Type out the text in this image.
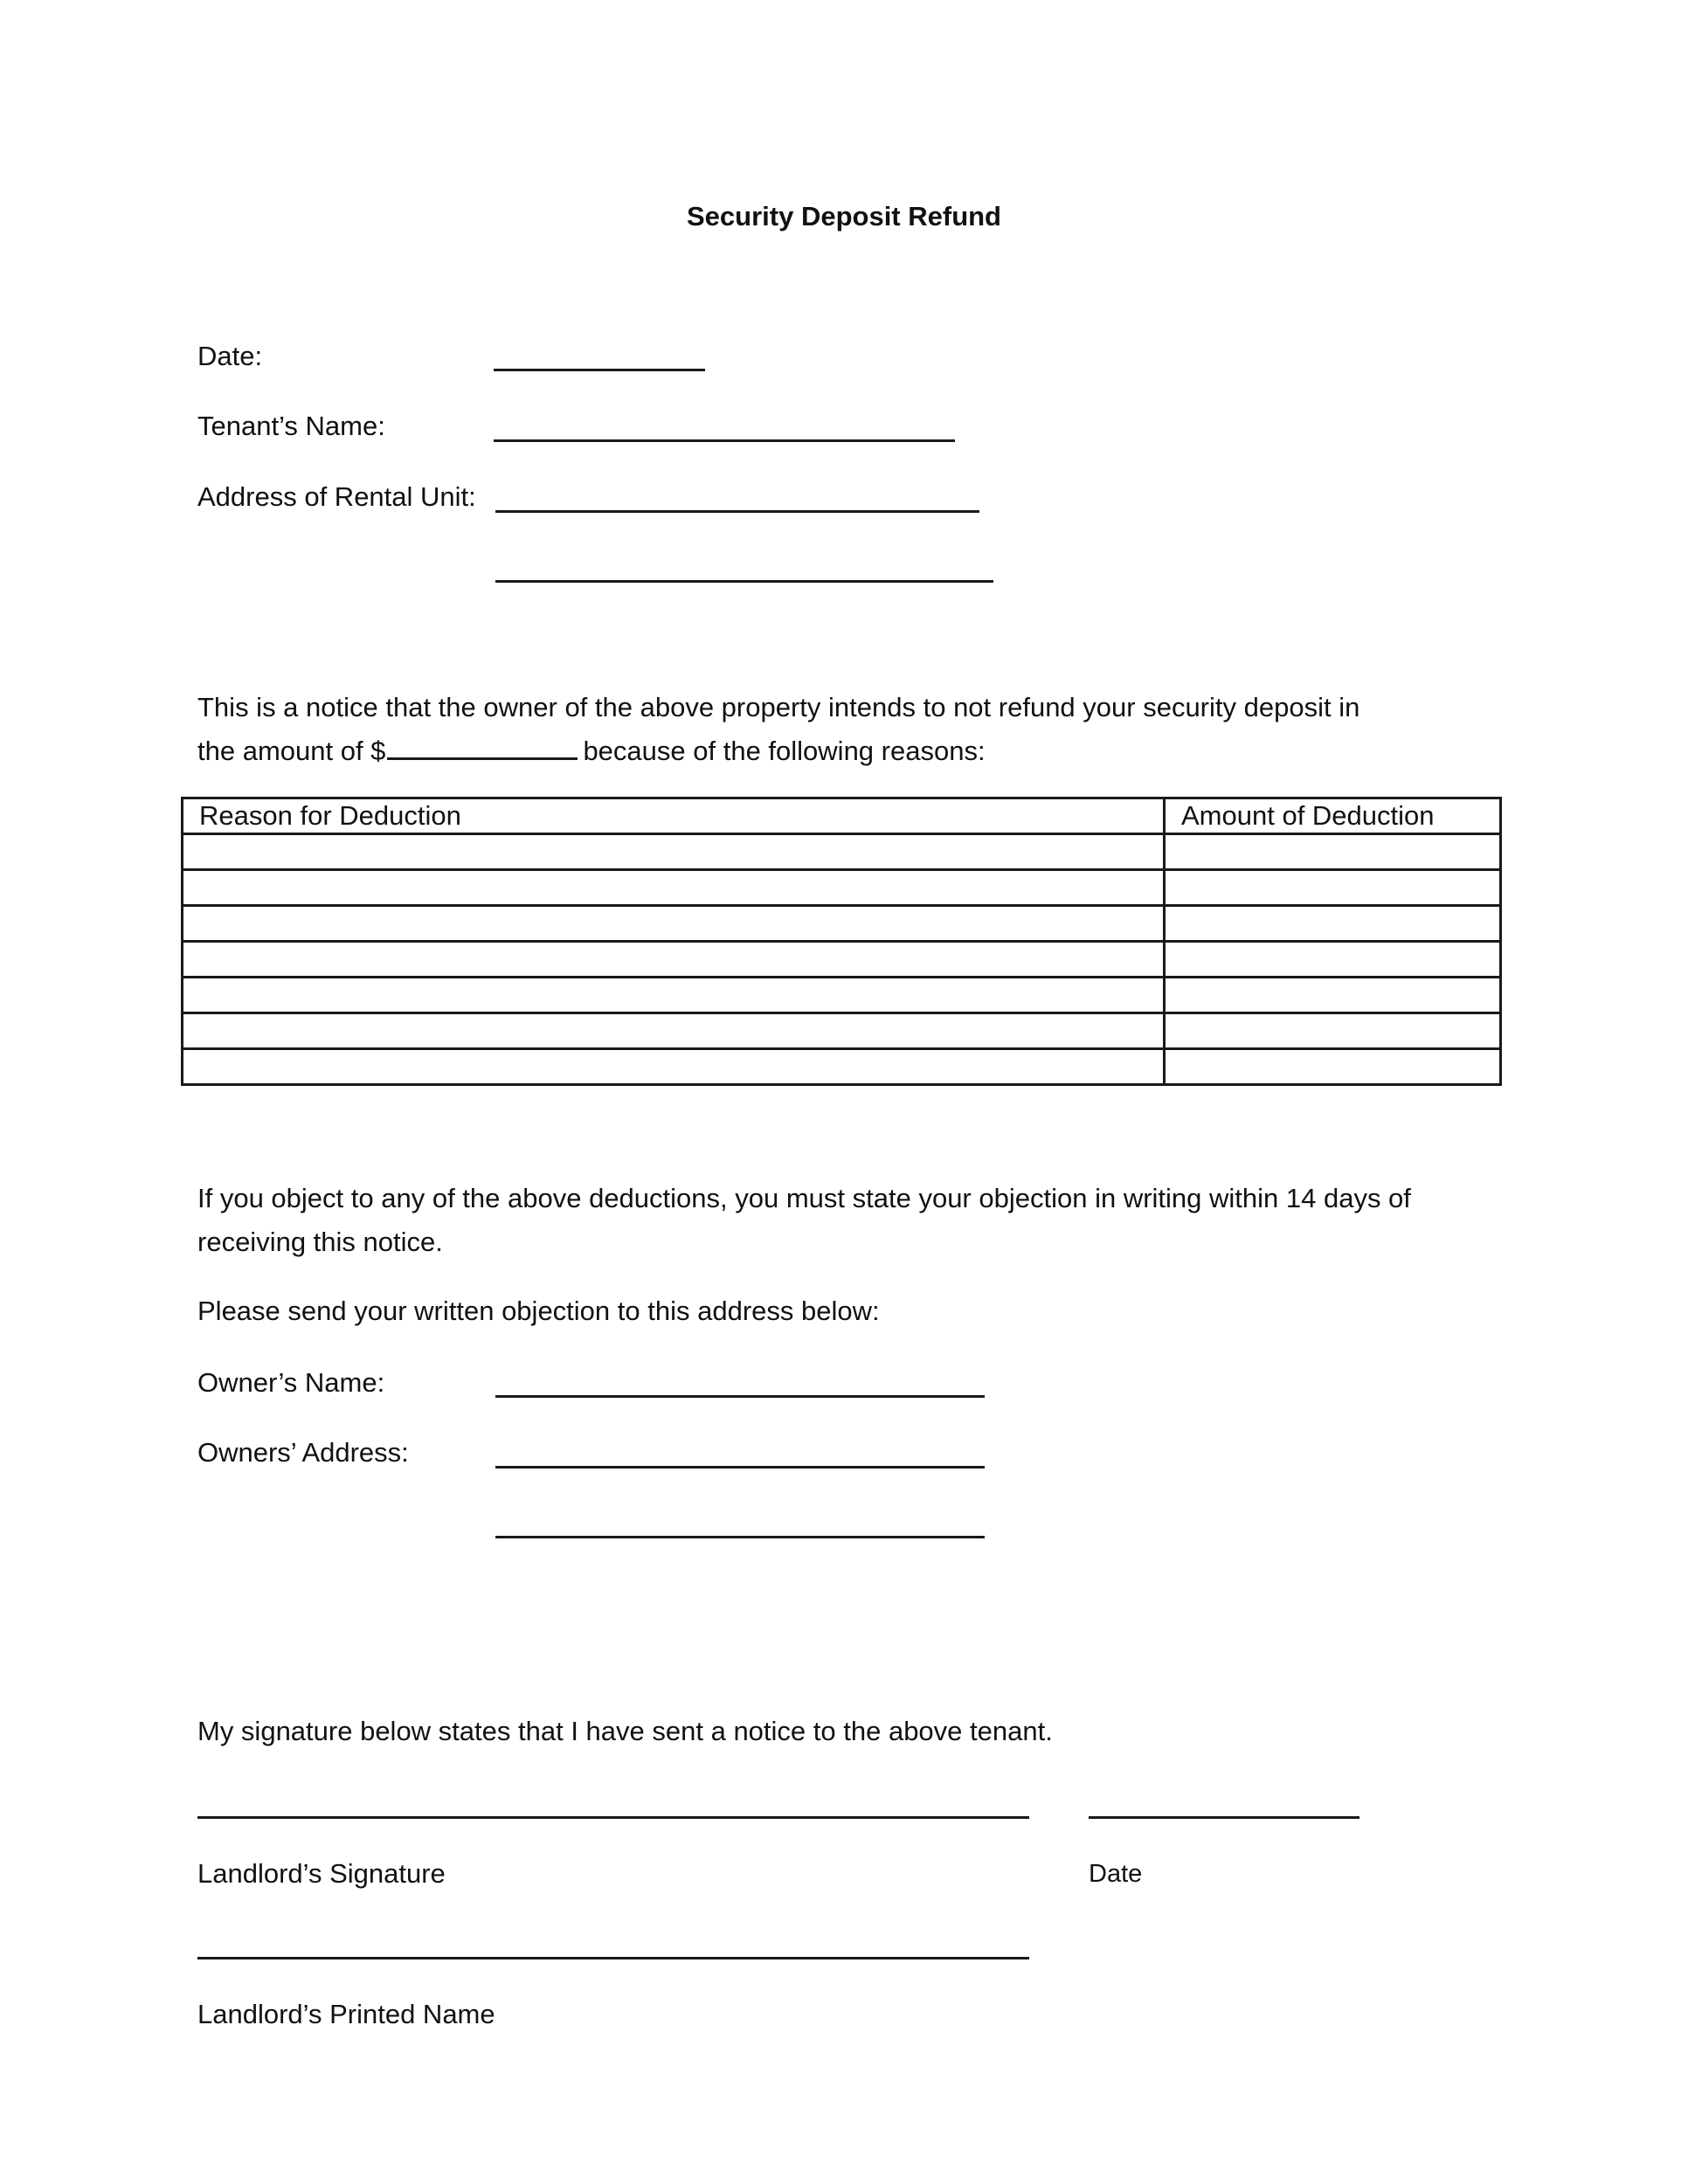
Security Deposit Refund
Date:
Tenant’s Name:
Address of Rental Unit:
This is a notice that the owner of the above property intends to not refund your security deposit in
the amount of $	because of the following reasons:
Reason for Deduction	Amount of Deduction

If you object to any of the above deductions, you must state your objection in writing within 14 days of
receiving this notice.
Please send your written objection to this address below:
Owner’s Name:
Owners’ Address:
My signature below states that I have sent a notice to the above tenant.
Landlord’s Signature	Date
Landlord’s Printed Name
